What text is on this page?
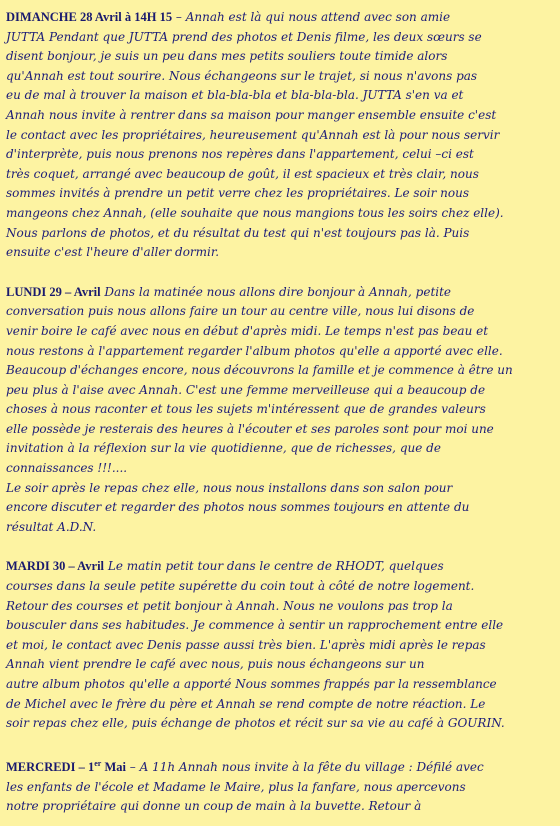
DIMANCHE 28 Avril à 14H 15 – Annah est là qui nous attend avec son amie
JUTTA Pendant que JUTTA prend des photos et Denis filme, les deux sœurs se
disent bonjour, je suis un peu dans mes petits souliers toute timide alors
qu'Annah est tout sourire. Nous échangeons sur le trajet, si nous n'avons pas
eu de mal à trouver la maison et bla-bla-bla et bla-bla-bla. JUTTA s'en va et
Annah nous invite à rentrer dans sa maison pour manger ensemble ensuite c'est
le contact avec les propriétaires, heureusement qu'Annah est là pour nous servir
d'interprète, puis nous prenons nos repères dans l'appartement, celui –ci est
très coquet, arrangé avec beaucoup de goût, il est spacieux et très clair, nous
sommes invités à prendre un petit verre chez les propriétaires. Le soir nous
mangeons chez Annah, (elle souhaite que nous mangions tous les soirs chez elle).
Nous parlons de photos, et du résultat du test qui n'est toujours pas là. Puis
ensuite c'est l'heure d'aller dormir.
LUNDI 29 – Avril Dans la matinée nous allons dire bonjour à Annah, petite
conversation puis nous allons faire un tour au centre ville, nous lui disons de
venir boire le café avec nous en début d'après midi. Le temps n'est pas beau et
nous restons à l'appartement regarder l'album photos qu'elle a apporté avec elle.
Beaucoup d'échanges encore, nous découvrons la famille et je commence à être un
peu plus à l'aise avec Annah. C'est une femme merveilleuse qui a beaucoup de
choses à nous raconter et tous les sujets m'intéressent que de grandes valeurs
elle possède je resterais des heures à l'écouter et ses paroles sont pour moi une
invitation à la réflexion sur la vie quotidienne, que de richesses, que de
connaissances !!!....
Le soir après le repas chez elle, nous nous installons dans son salon pour
encore discuter et regarder des photos nous sommes toujours en attente du
résultat A.D.N.
MARDI 30 – Avril Le matin petit tour dans le centre de RHODT, quelques
courses dans la seule petite supérette du coin tout à côté de notre logement.
Retour des courses et petit bonjour à Annah. Nous ne voulons pas trop la
bousculer dans ses habitudes. Je commence à sentir un rapprochement entre elle
et moi, le contact avec Denis passe aussi très bien. L'après midi après le repas
Annah vient prendre le café avec nous, puis nous échangeons sur un
autre album photos qu'elle a apporté Nous sommes frappés par la ressemblance
de Michel avec le frère du père et Annah se rend compte de notre réaction. Le
soir repas chez elle, puis échange de photos et récit sur sa vie au café à GOURIN.
MERCREDI – 1er Mai – A 11h Annah nous invite à la fête du village : Défilé avec
les enfants de l'école et Madame le Maire, plus la fanfare, nous apercevons
notre propriétaire qui donne un coup de main à la buvette. Retour à
